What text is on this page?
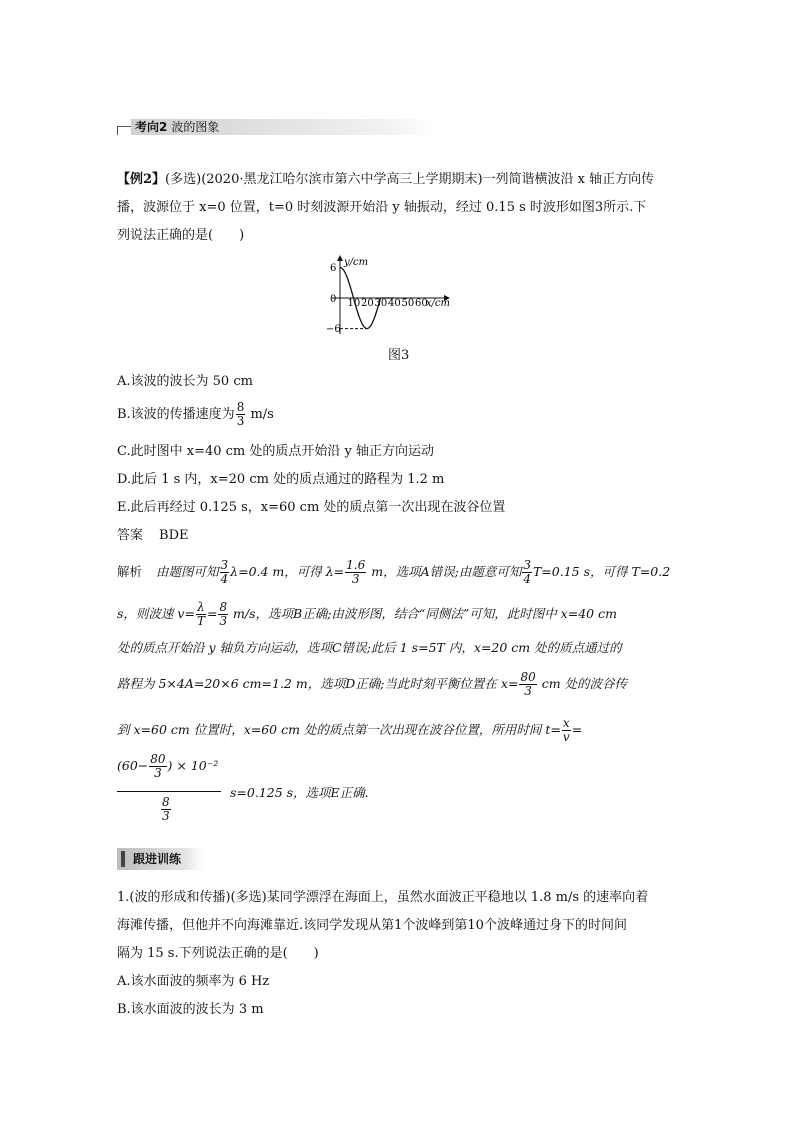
考向2 波的图象
【例2】(多选)(2020·黑龙江哈尔滨市第六中学高三上学期期末)一列简谐横波沿 x 轴正方向传
播，波源位于 x=0 位置，t=0 时刻波源开始沿 y 轴振动，经过 0.15 s 时波形如图3所示.下
列说法正确的是(　　)
y/cm
x/cm
6
0
−6
10 20 30 40 50 60
图3
A.该波的波长为 50 cm
B.该波的传播速度为 $\frac{8}{3} m/s$
C.此时图中 x=40 cm 处的质点开始沿 y 轴正方向运动
D.此后 1 s 内，x=20 cm 处的质点通过的路程为 1.2 m
E.此后再经过 0.125 s，x=60 cm 处的质点第一次出现在波谷位置
答案 BDE
解析 由题图可知 $\frac{3}{4} \lambda=0.4$ m，可得 $\lambda= \frac{1.6}{3}$ m，选项A错误;由题意可知 $\frac{3}{4} T=0.15$ s，可得 T=0.2
s，则波速 $v= \frac{\lambda}{T} = \frac{8}{3} m/s$，选项B正确;由波形图，结合“同侧法”可知，此时图中 x=40 cm
处的质点开始沿 y 轴负方向运动，选项C错误;此后 1 s=5T 内，x=20 cm 处的质点通过的
路程为 5×4A=20×6 cm=1.2 m，选项D正确;当此时刻平衡位置在 $x= \frac{80}{3}$ cm 处的波谷传
到 x=60 cm 位置时，x=60 cm 处的质点第一次出现在波谷位置，所用时间 $t= \frac{x}{v}$ =
($60- \frac{80}{3}$ ) × 10⁻²
$\frac{8}{3}$
s=0.125 s，选项E正确.
跟进训练
1.(波的形成和传播)(多选)某同学漂浮在海面上，虽然水面波正平稳地以 1.8 m/s 的速率向着
海滩传播，但他并不向海滩靠近.该同学发现从第1个波峰到第10个波峰通过身下的时间间
隔为 15 s.下列说法正确的是(　　)
A.该水面波的频率为 6 Hz
B.该水面波的波长为 3 m
